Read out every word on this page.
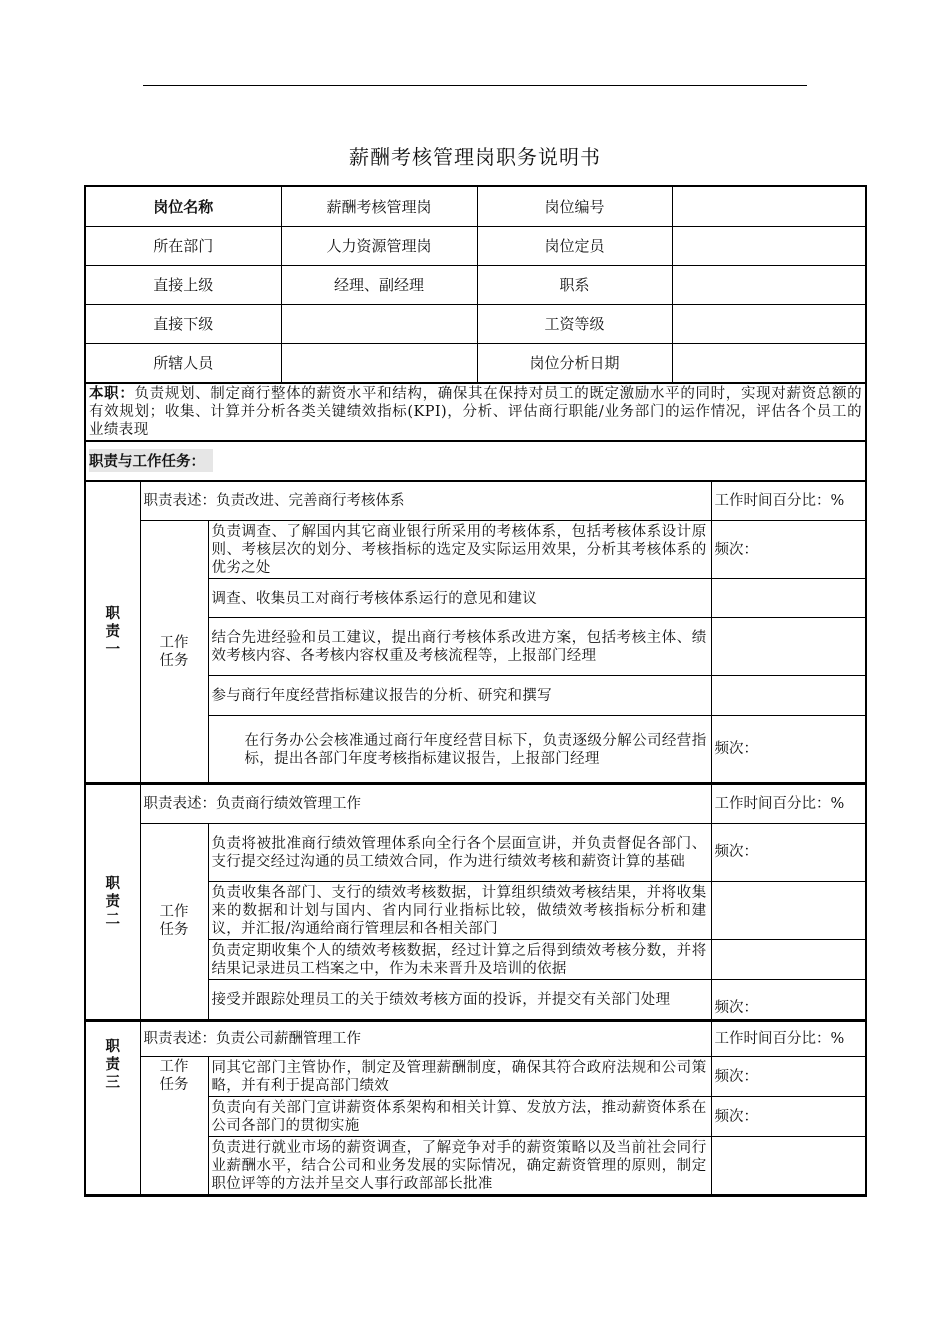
薪酬考核管理岗职务说明书
岗位名称	薪酬考核管理岗	岗位编号	
所在部门	人力资源管理岗	岗位定员	
直接上级	经理、副经理	职系	
直接下级		工资等级	
所辖人员		岗位分析日期	
本职：负责规划、制定商行整体的薪资水平和结构，确保其在保持对员工的既定激励水平的同时，实现对薪资总额的有效规划；收集、计算并分析各类关键绩效指标(KPI)，分析、评估商行职能/业务部门的运作情况，评估各个员工的业绩表现
职责与工作任务：
职
责
一	职责表述：负责改进、完善商行考核体系		工作时间百分比：%
	工作
任务	负责调查、了解国内其它商业银行所采用的考核体系，包括考核体系设计原则、考核层次的划分、考核指标的选定及实际运用效果，分析其考核体系的优劣之处	频次：
		调查、收集员工对商行考核体系运行的意见和建议	
		结合先进经验和员工建议，提出商行考核体系改进方案，包括考核主体、绩效考核内容、各考核内容权重及考核流程等，上报部门经理	
		参与商行年度经营指标建议报告的分析、研究和撰写	
		在行务办公会核准通过商行年度经营目标下，负责逐级分解公司经营指标，提出各部门年度考核指标建议报告，上报部门经理	频次：
职
责
二	职责表述：负责商行绩效管理工作		工作时间百分比：%
	工作
任务	负责将被批准商行绩效管理体系向全行各个层面宣讲，并负责督促各部门、支行提交经过沟通的员工绩效合同，作为进行绩效考核和薪资计算的基础	频次：
		负责收集各部门、支行的绩效考核数据，计算组织绩效考核结果，并将收集来的数据和计划与国内、省内同行业指标比较，做绩效考核指标分析和建议，并汇报/沟通给商行管理层和各相关部门	
		负责定期收集个人的绩效考核数据，经过计算之后得到绩效考核分数，并将结果记录进员工档案之中，作为未来晋升及培训的依据	
		接受并跟踪处理员工的关于绩效考核方面的投诉，并提交有关部门处理	频次：
职
责
三	职责表述：负责公司薪酬管理工作		工作时间百分比：%
	工作
任务	同其它部门主管协作，制定及管理薪酬制度，确保其符合政府法规和公司策略，并有利于提高部门绩效	频次：
		负责向有关部门宣讲薪资体系架构和相关计算、发放方法，推动薪资体系在公司各部门的贯彻实施	频次：
		负责进行就业市场的薪资调查，了解竞争对手的薪资策略以及当前社会同行业薪酬水平，结合公司和业务发展的实际情况，确定薪资管理的原则，制定职位评等的方法并呈交人事行政部部长批准	
